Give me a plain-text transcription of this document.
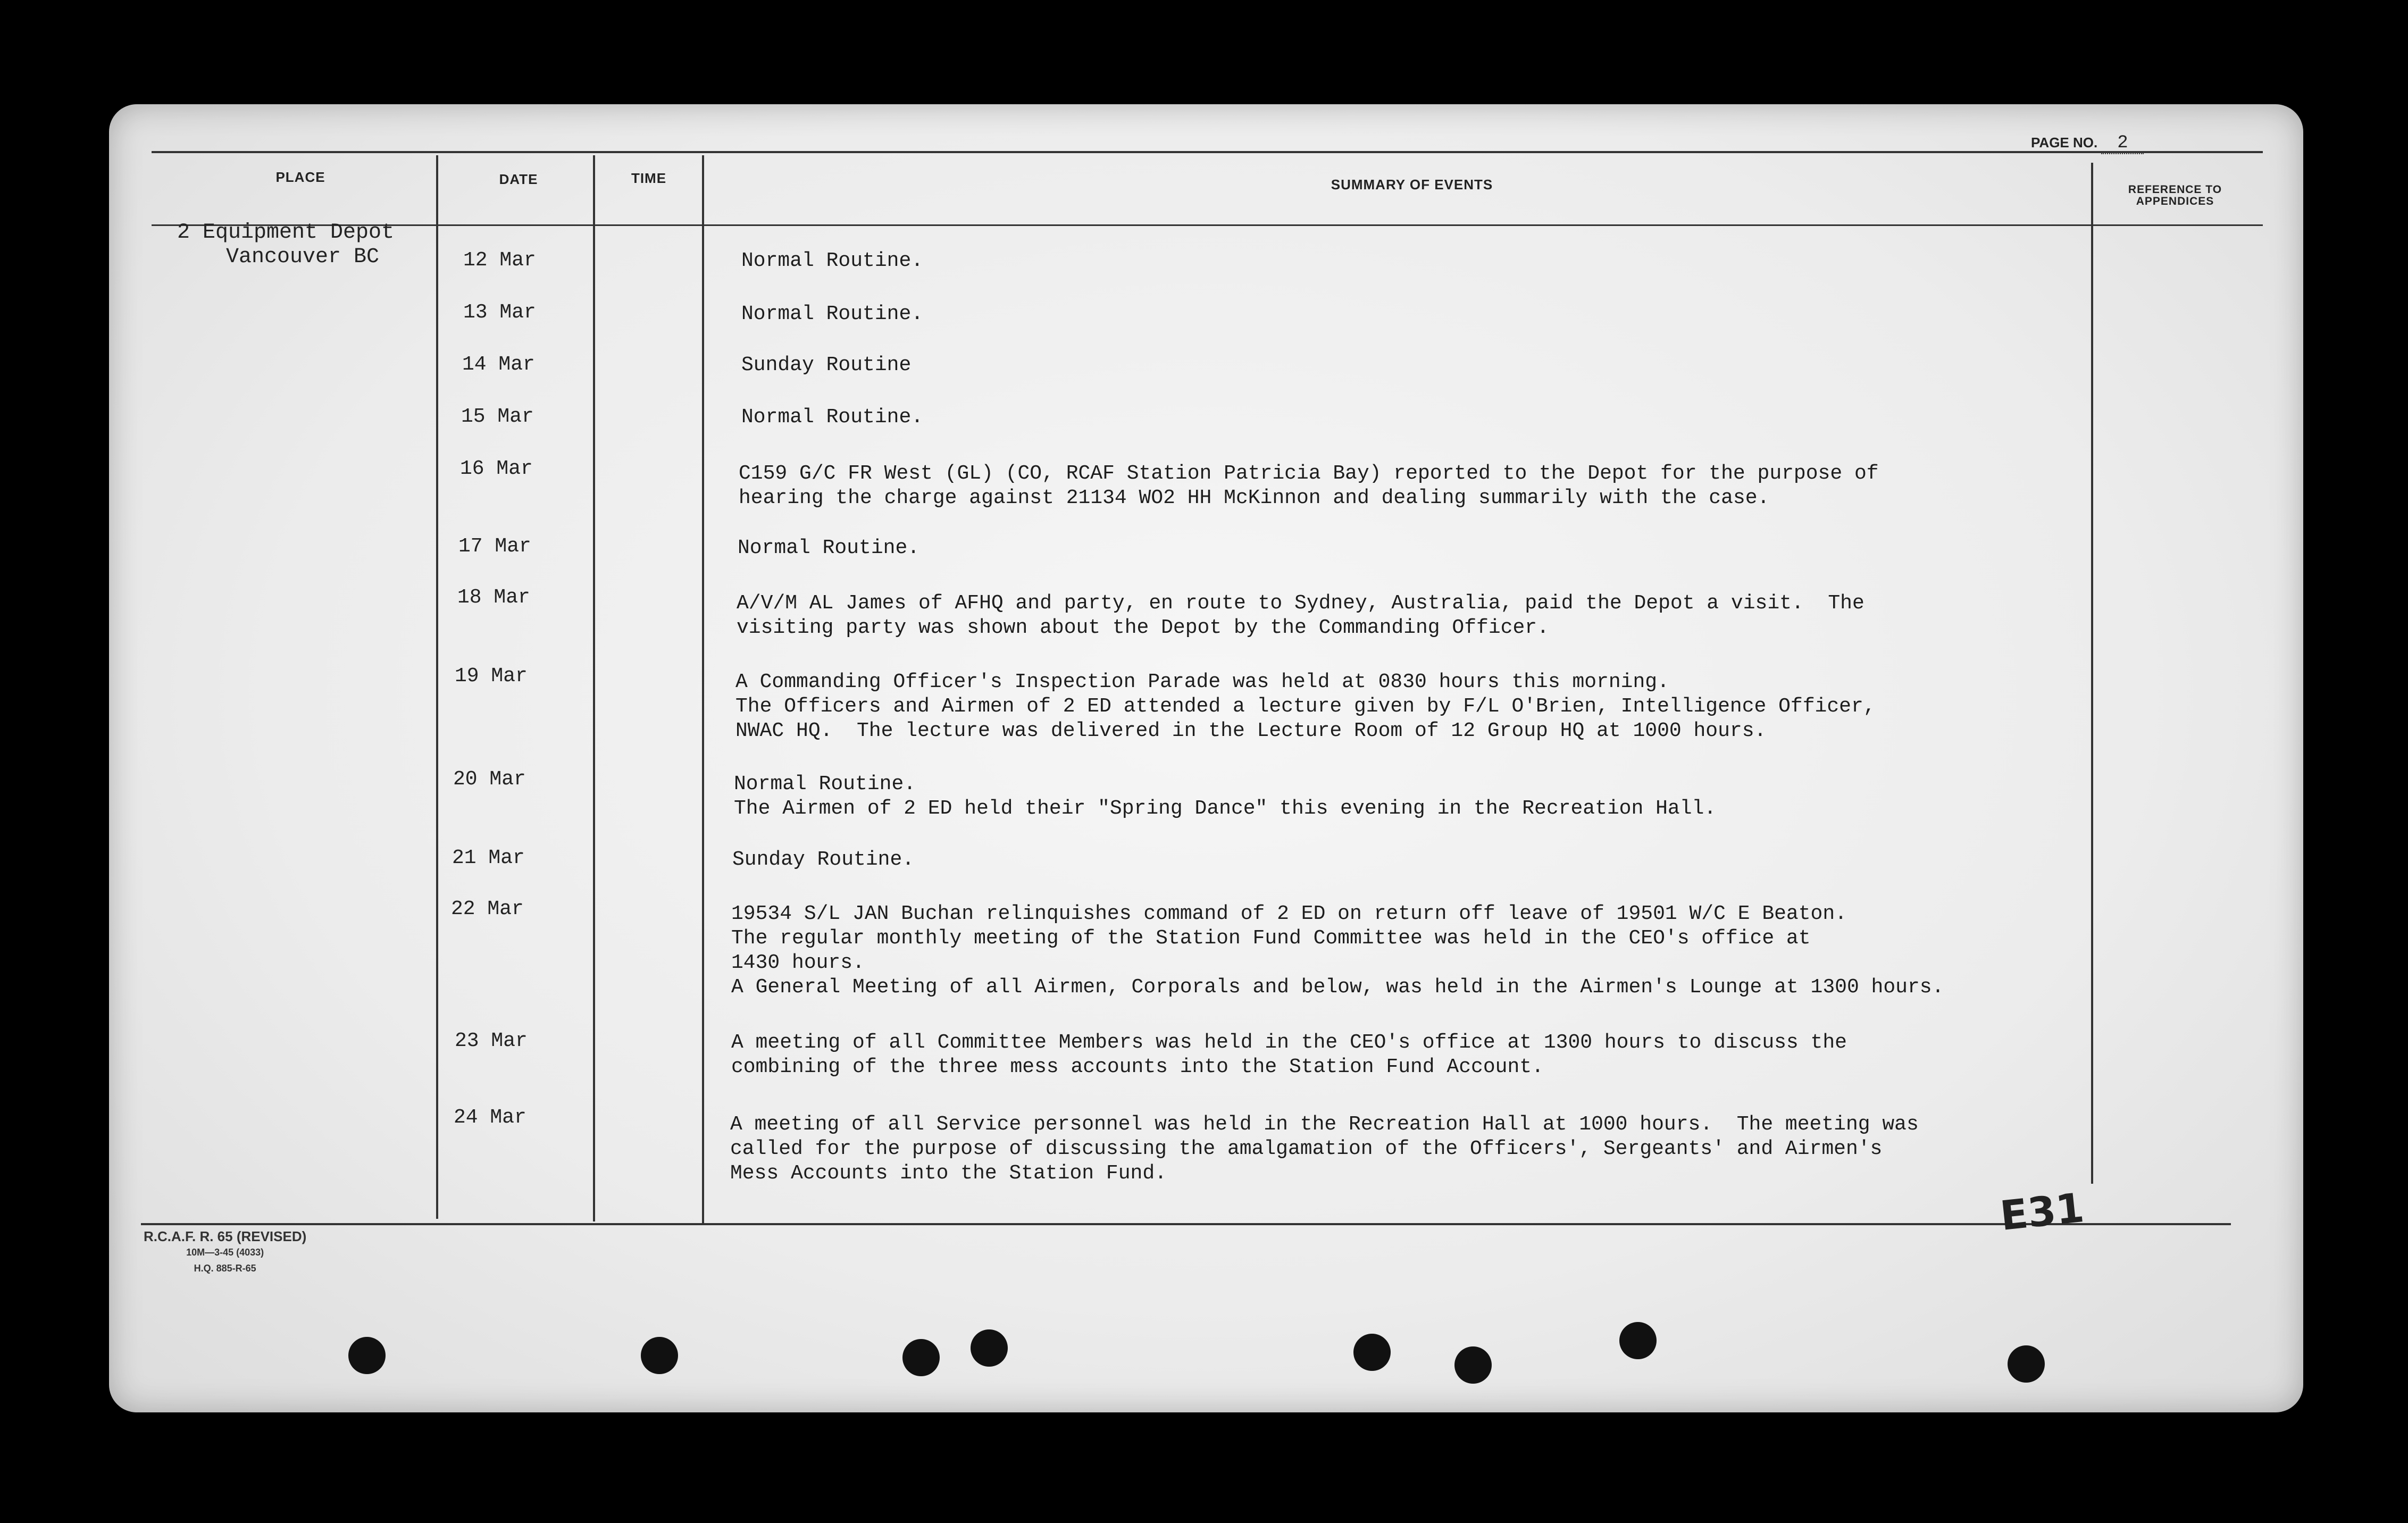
PAGE NO. 2
PLACE	DATE	TIME	SUMMARY OF EVENTS	REFERENCE TO APPENDICES
2 Equipment Depot
Vancouver BC	12 Mar	Normal Routine.
13 Mar	Normal Routine.
14 Mar	Sunday Routine
15 Mar	Normal Routine.
16 Mar	C159 G/C FR West (GL) (CO, RCAF Station Patricia Bay) reported to the Depot for the purpose of
hearing the charge against 21134 WO2 HH McKinnon and dealing summarily with the case.
17 Mar	Normal Routine.
18 Mar	A/V/M AL James of AFHQ and party, en route to Sydney, Australia, paid the Depot a visit.  The
visiting party was shown about the Depot by the Commanding Officer.
19 Mar	A Commanding Officer's Inspection Parade was held at 0830 hours this morning.
The Officers and Airmen of 2 ED attended a lecture given by F/L O'Brien, Intelligence Officer,
NWAC HQ.  The lecture was delivered in the Lecture Room of 12 Group HQ at 1000 hours.
20 Mar	Normal Routine.
The Airmen of 2 ED held their "Spring Dance" this evening in the Recreation Hall.
21 Mar	Sunday Routine.
22 Mar	19534 S/L JAN Buchan relinquishes command of 2 ED on return off leave of 19501 W/C E Beaton.
The regular monthly meeting of the Station Fund Committee was held in the CEO's office at
1430 hours.
A General Meeting of all Airmen, Corporals and below, was held in the Airmen's Lounge at 1300 hours.
23 Mar	A meeting of all Committee Members was held in the CEO's office at 1300 hours to discuss the
combining of the three mess accounts into the Station Fund Account.
24 Mar	A meeting of all Service personnel was held in the Recreation Hall at 1000 hours.  The meeting was
called for the purpose of discussing the amalgamation of the Officers', Sergeants' and Airmen's
Mess Accounts into the Station Fund.
E31
R.C.A.F. R. 65 (REVISED)
10M—3-45 (4033)
H.Q. 885-R-65
